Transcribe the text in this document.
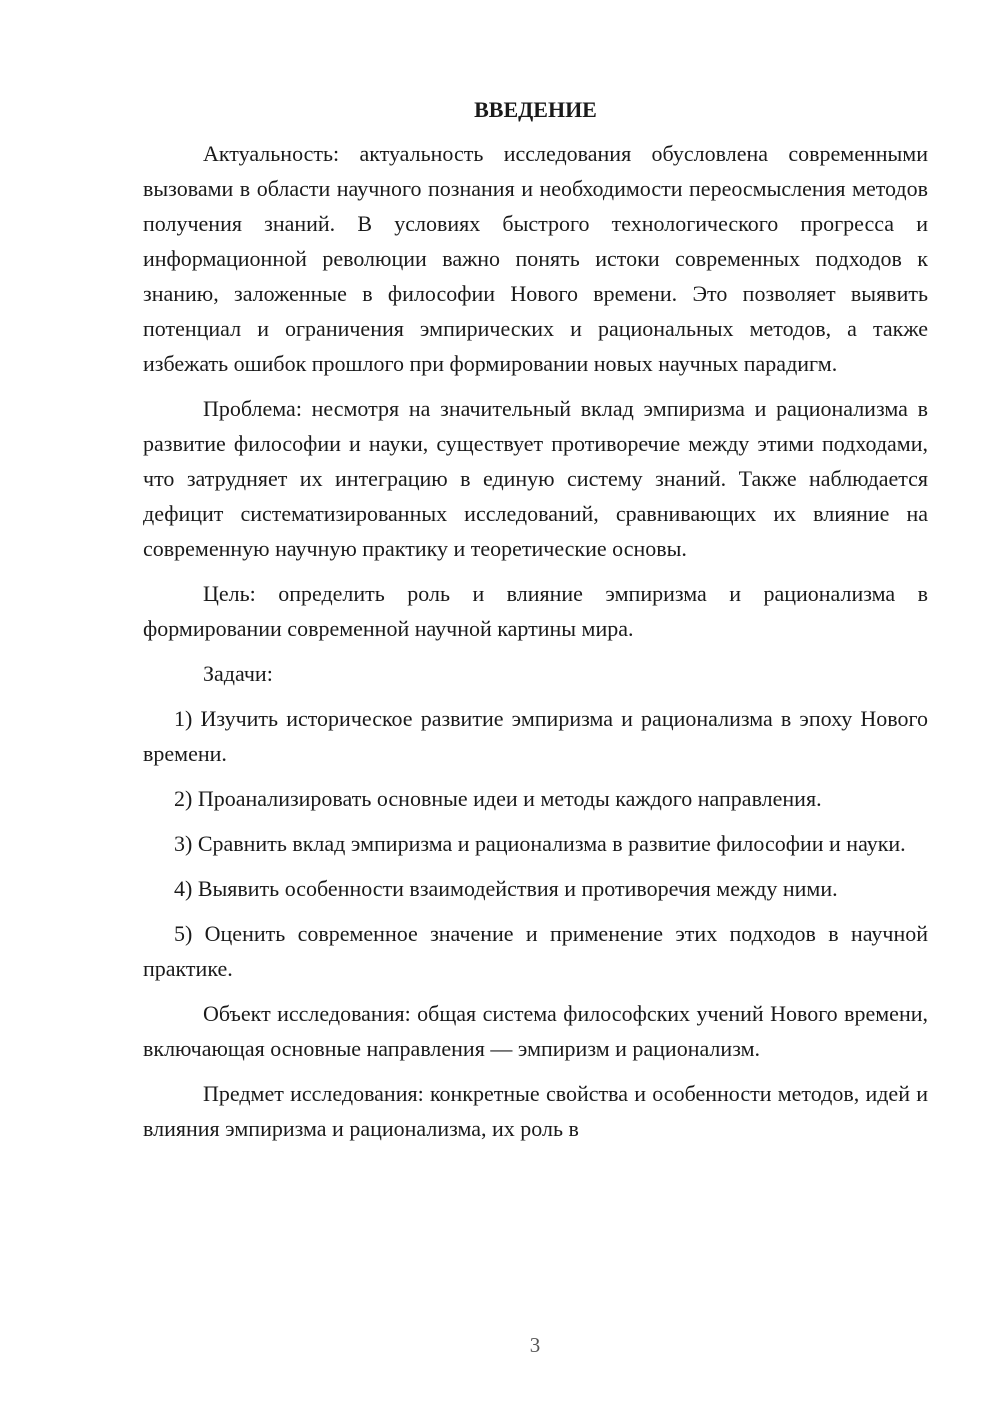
ВВЕДЕНИЕ

Актуальность: актуальность исследования обусловлена современными вызовами в области научного познания и необходимости переосмысления методов получения знаний. В условиях быстрого технологического прогресса и информационной революции важно понять истоки современных подходов к знанию, заложенные в философии Нового времени. Это позволяет выявить потенциал и ограничения эмпирических и рациональных методов, а также избежать ошибок прошлого при формировании новых научных парадигм.

Проблема: несмотря на значительный вклад эмпиризма и рационализма в развитие философии и науки, существует противоречие между этими подходами, что затрудняет их интеграцию в единую систему знаний. Также наблюдается дефицит систематизированных исследований, сравнивающих их влияние на современную научную практику и теоретические основы.

Цель: определить роль и влияние эмпиризма и рационализма в формировании современной научной картины мира.

Задачи:

1) Изучить историческое развитие эмпиризма и рационализма в эпоху Нового времени.

2) Проанализировать основные идеи и методы каждого направления.

3) Сравнить вклад эмпиризма и рационализма в развитие философии и науки.

4) Выявить особенности взаимодействия и противоречия между ними.

5) Оценить современное значение и применение этих подходов в научной практике.

Объект исследования: общая система философских учений Нового времени, включающая основные направления — эмпиризм и рационализм.

Предмет исследования: конкретные свойства и особенности методов, идей и влияния эмпиризма и рационализма, их роль в

3
